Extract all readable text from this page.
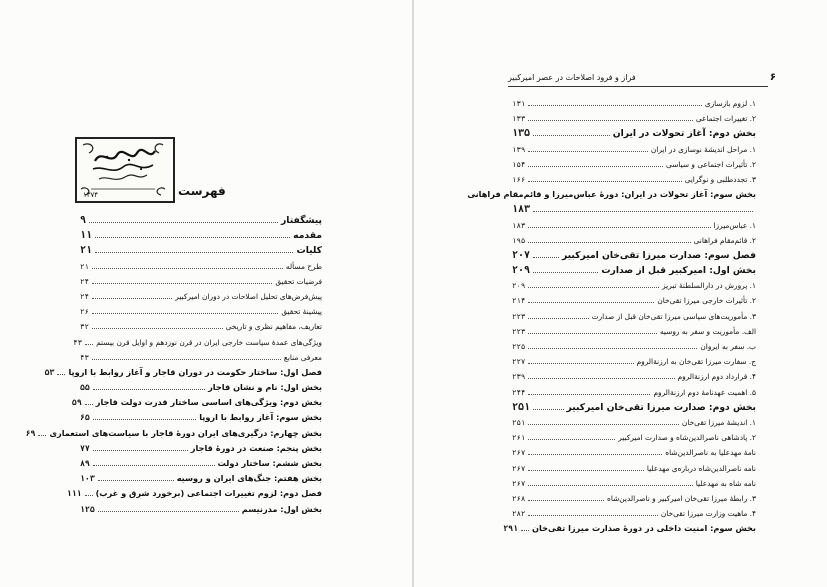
۱۳۷۴	فهرست
پیشگفتار
۹
مقدمه
۱۱
کلیات
۲۱
طرح مسأله
۲۱
فرضیات تحقیق
۲۴
پیش‌فرض‌های تحلیل اصلاحات در دوران امیرکبیر
۲۴
پیشینهٔ تحقیق
۲۶
تعاریف، مفاهیم نظری و تاریخی
۳۲
ویژگی‌های عمدهٔ سیاست خارجی ایران در قرن نوزدهم و اوایل قرن بیستم
۴۳
معرفی منابع
۴۳
فصل اول: ساختار حکومت در دوران قاجار و آغاز روابط با اروپا
۵۳
بخش اول: نام و نشان قاجار
۵۵
بخش دوم: ویژگی‌های اساسی ساختار قدرت دولت قاجار
۵۹
بخش سوم: آغاز روابط با اروپا
۶۵
بخش چهارم: درگیری‌های ایران دورهٔ قاجار با سیاست‌های استعماری
۶۹
بخش پنجم: صنعت در دورهٔ قاجار
۷۷
بخش ششم: ساختار دولت
۸۹
بخش هفتم: جنگ‌های ایران و روسیه
۱۰۳
فصل دوم: لزوم تغییرات اجتماعی (برخورد شرق و غرب)
۱۱۱
بخش اول: مدرنیسم
۱۲۵
۶
فراز و فرود اصلاحات در عصر امیرکبیر
۱. لزوم بازسازی
۱۳۱
۲. تغییرات اجتماعی
۱۳۳
بخش دوم: آغاز تحولات در ایران
۱۳۵
۱. مراحل اندیشهٔ نوسازی در ایران
۱۳۹
۲. تأثیرات اجتماعی و سیاسی
۱۵۴
۳. تجددطلبی و نوگرایی
۱۶۶
بخش سوم: آغاز تحولات در ایران: دورهٔ عباس‌میرزا و قائم‌مقام فراهانی
۱۸۳
۱. عباس‌میرزا
۱۸۳
۲. قائم‌مقام فراهانی
۱۹۵
فصل سوم: صدارت میرزا تقی‌خان امیرکبیر
۲۰۷
بخش اول: امیرکبیر قبل از صدارت
۲۰۹
۱. پرورش در دارالسلطنهٔ تبریز
۲۰۹
۲. تأثیرات خارجی میرزا تقی‌خان
۲۱۴
۳. مأموریت‌های سیاسی میرزا تقی‌خان قبل از صدارت
۲۲۳
الف. مأموریت و سفر به روسیه
۲۲۳
ب. سفر به ایروان
۲۲۵
ج. سفارت میرزا تقی‌خان به ارزنةالروم
۲۲۷
۴. قرارداد دوم ارزنةالروم
۲۳۹
۵. اهمیت عهدنامهٔ دوم ارزنةالروم
۲۴۴
بخش دوم: صدارت میرزا تقی‌خان امیرکبیر
۲۵۱
۱. اندیشهٔ میرزا تقی‌خان
۲۵۱
۲. پادشاهی ناصرالدین‌شاه و صدارت امیرکبیر
۲۶۱
نامهٔ مهدعلیا به ناصرالدین‌شاه
۲۶۷
نامه ناصرالدین‌شاه درباره‌ی مهدعلیا
۲۶۷
نامه شاه به مهدعلیا
۲۶۷
۳. رابطهٔ میرزا تقی‌خان امیرکبیر و ناصرالدین‌شاه
۲۶۸
۴. ماهیت وزارت میرزا تقی‌خان
۲۸۲
بخش سوم: امنیت داخلی در دورهٔ صدارت میرزا تقی‌خان
۲۹۱
